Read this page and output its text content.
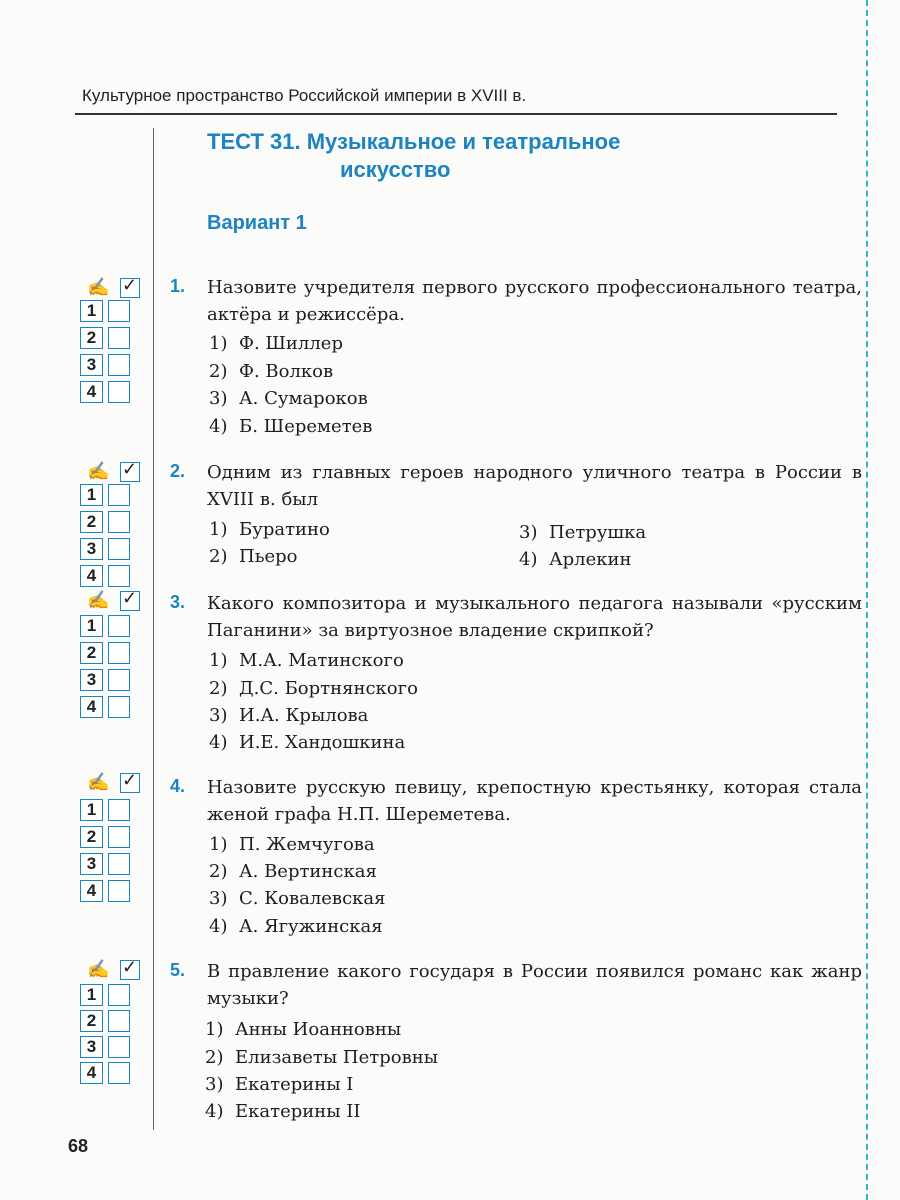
Культурное пространство Российской империи в XVIII в.
ТЕСТ 31. Музыкальное и театральное
искусство
Вариант 1
✍ ✓
1
2
3
4
✍ ✓
1
2
3
4
✍ ✓
1
2
3
4
✍ ✓
1
2
3
4
✍ ✓
1
2
3
4
1. Назовите учредителя первого русского профессионального театра, актёра и режиссёра.
1) Ф. Шиллер
2) Ф. Волков
3) А. Сумароков
4) Б. Шереметев
2. Одним из главных героев народного уличного театра в России в XVIII в. был
1) Буратино
2) Пьеро
3) Петрушка
4) Арлекин
3. Какого композитора и музыкального педагога называли «русским Паганини» за виртуозное владение скрипкой?
1) М.А. Матинского
2) Д.С. Бортнянского
3) И.А. Крылова
4) И.Е. Хандошкина
4. Назовите русскую певицу, крепостную крестьянку, которая стала женой графа Н.П. Шереметева.
1) П. Жемчугова
2) А. Вертинская
3) С. Ковалевская
4) А. Ягужинская
5. В правление какого государя в России появился романс как жанр музыки?
1) Анны Иоанновны
2) Елизаветы Петровны
3) Екатерины I
4) Екатерины II
68
